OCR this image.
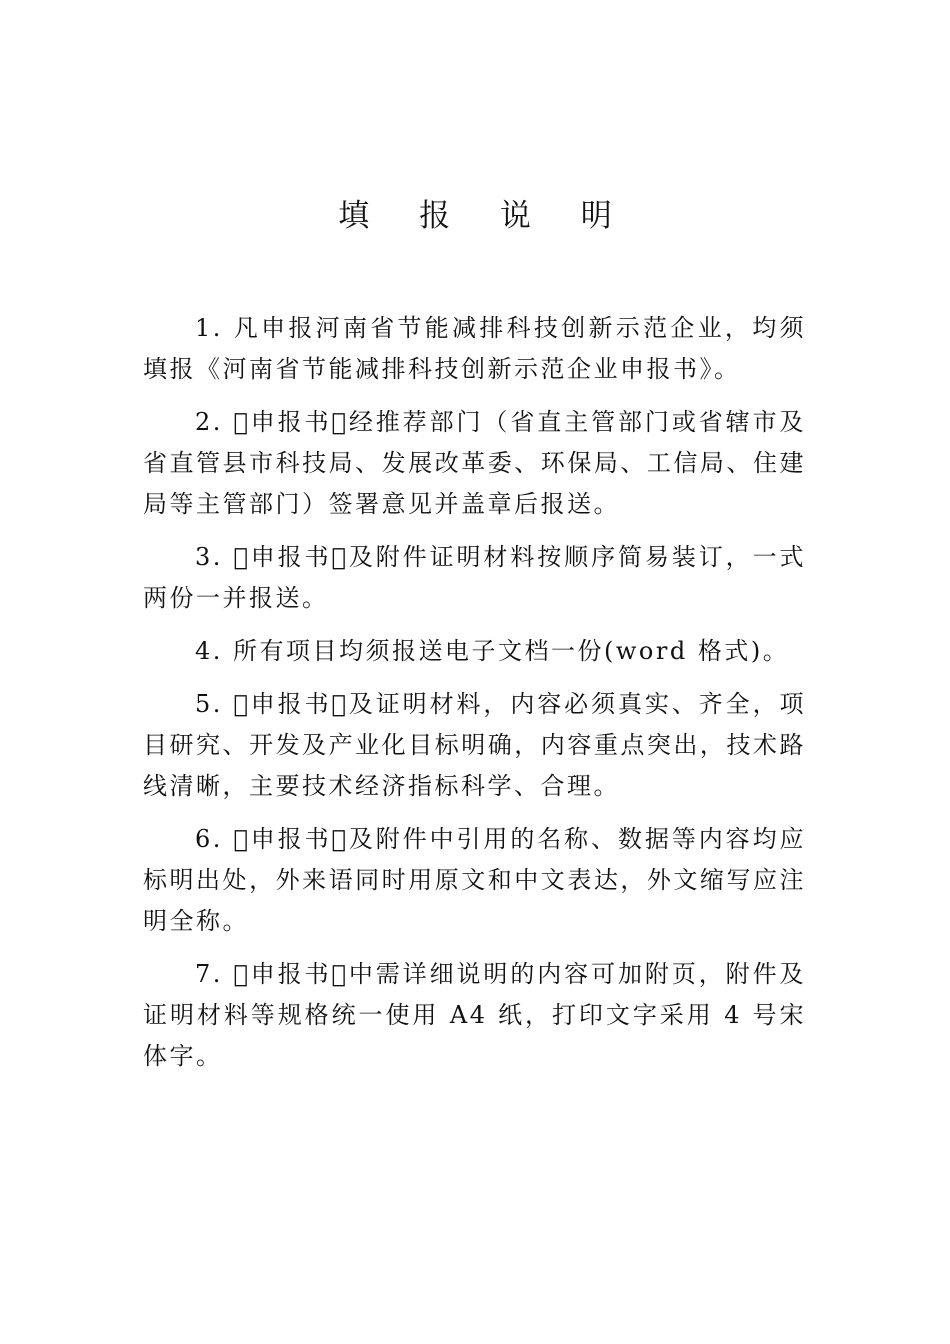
填 报 说 明

1. 凡申报河南省节能减排科技创新示范企业，均须填报《河南省节能减排科技创新示范企业申报书》。

2. ￿申报书￿经推荐部门（省直主管部门或省辖市及省直管县市科技局、发展改革委、环保局、工信局、住建局等主管部门）签署意见并盖章后报送。

3. ￿申报书￿及附件证明材料按顺序简易装订，一式两份一并报送。

4. 所有项目均须报送电子文档一份(word 格式)。

5. ￿申报书￿及证明材料，内容必须真实、齐全，项目研究、开发及产业化目标明确，内容重点突出，技术路线清晰，主要技术经济指标科学、合理。

6. ￿申报书￿及附件中引用的名称、数据等内容均应标明出处，外来语同时用原文和中文表达，外文缩写应注明全称。

7. ￿申报书￿中需详细说明的内容可加附页，附件及证明材料等规格统一使用 A4 纸，打印文字采用 4 号宋体字。
